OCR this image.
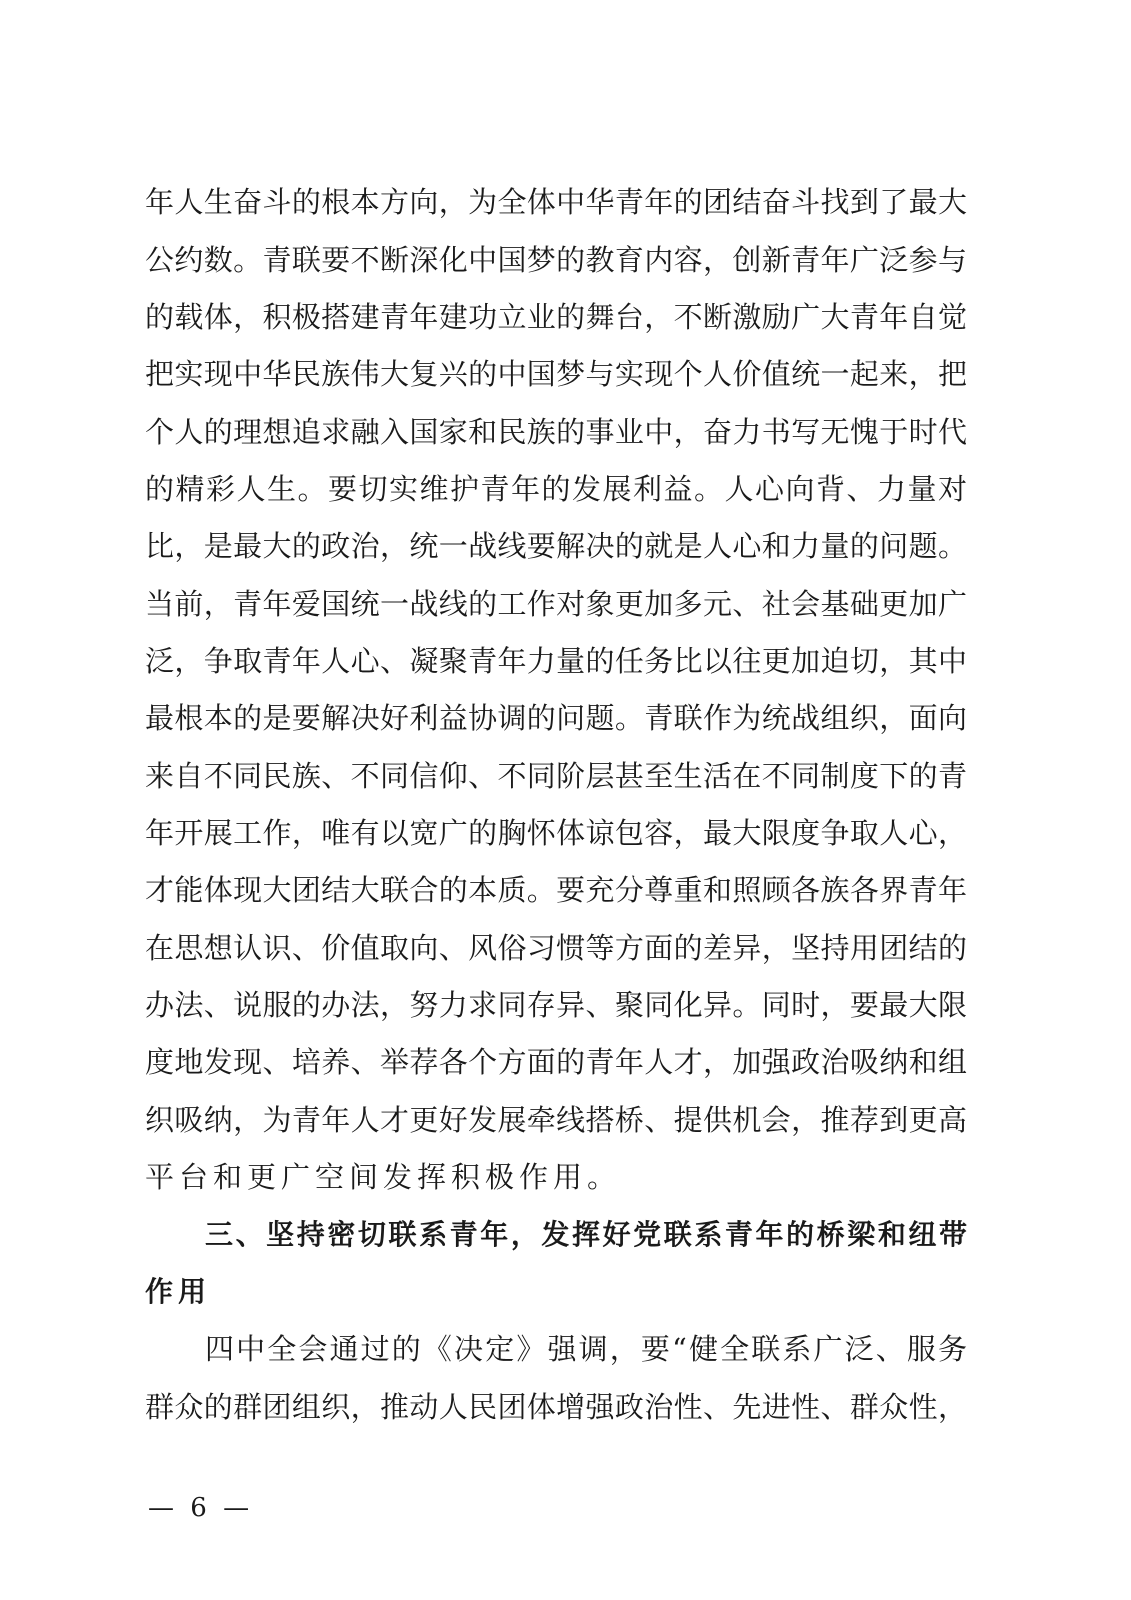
年人生奋斗的根本方向，为全体中华青年的团结奋斗找到了最大
公约数。青联要不断深化中国梦的教育内容，创新青年广泛参与
的载体，积极搭建青年建功立业的舞台，不断激励广大青年自觉
把实现中华民族伟大复兴的中国梦与实现个人价值统一起来，把
个人的理想追求融入国家和民族的事业中，奋力书写无愧于时代
的精彩人生。要切实维护青年的发展利益。人心向背、力量对
比，是最大的政治，统一战线要解决的就是人心和力量的问题。
当前，青年爱国统一战线的工作对象更加多元、社会基础更加广
泛，争取青年人心、凝聚青年力量的任务比以往更加迫切，其中
最根本的是要解决好利益协调的问题。青联作为统战组织，面向
来自不同民族、不同信仰、不同阶层甚至生活在不同制度下的青
年开展工作，唯有以宽广的胸怀体谅包容，最大限度争取人心，
才能体现大团结大联合的本质。要充分尊重和照顾各族各界青年
在思想认识、价值取向、风俗习惯等方面的差异，坚持用团结的
办法、说服的办法，努力求同存异、聚同化异。同时，要最大限
度地发现、培养、举荐各个方面的青年人才，加强政治吸纳和组
织吸纳，为青年人才更好发展牵线搭桥、提供机会，推荐到更高
平台和更广空间发挥积极作用。
三、坚持密切联系青年，发挥好党联系青年的桥梁和纽带
作用
四中全会通过的《决定》强调，要“健全联系广泛、服务
群众的群团组织，推动人民团体增强政治性、先进性、群众性，
— 6 —
